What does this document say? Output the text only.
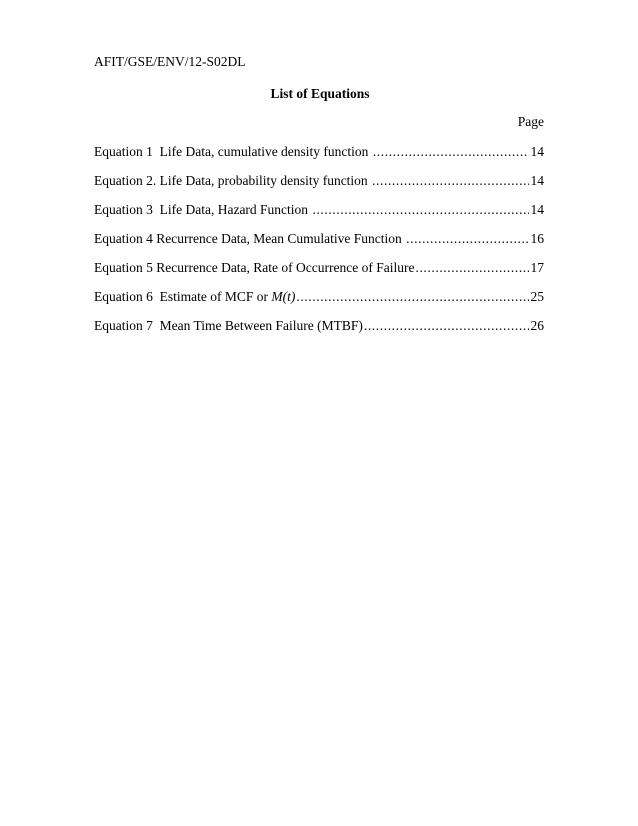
AFIT/GSE/ENV/12-S02DL
List of Equations
Page
Equation 1  Life Data, cumulative density function .....	14
Equation 2. Life Data, probability density function .....	14
Equation 3  Life Data, Hazard Function .....	14
Equation 4 Recurrence Data, Mean Cumulative Function .....	16
Equation 5 Recurrence Data, Rate of Occurrence of Failure .....	17
Equation 6  Estimate of MCF or M(t) .....	25
Equation 7  Mean Time Between Failure (MTBF) .....	26
